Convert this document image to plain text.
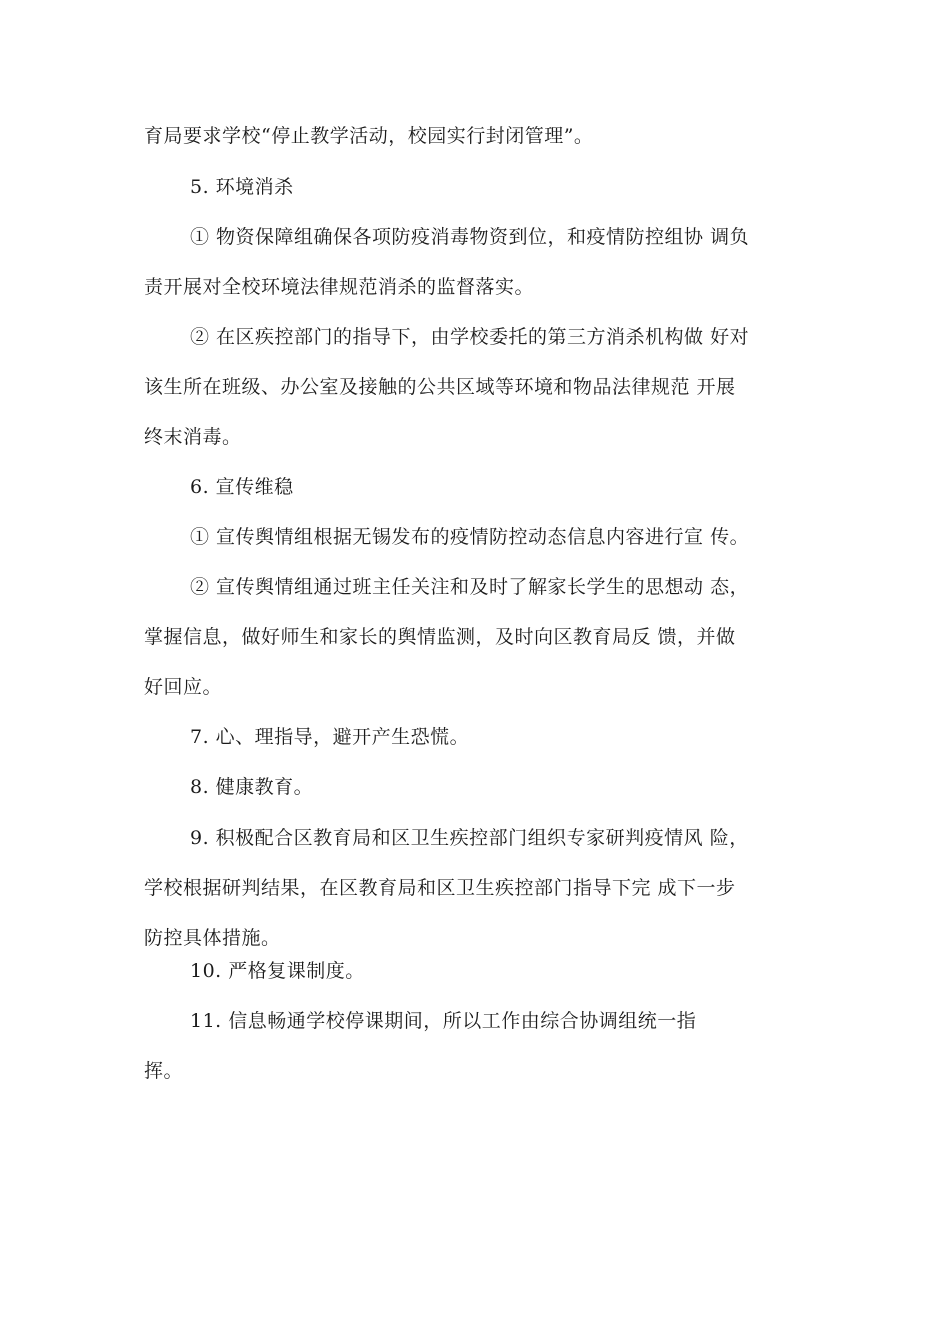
育局要求学校“停止教学活动，校园实行封闭管理”。
5. 环境消杀
① 物资保障组确保各项防疫消毒物资到位，和疫情防控组协 调负
责开展对全校环境法律规范消杀的监督落实。
② 在区疾控部门的指导下，由学校委托的第三方消杀机构做 好对
该生所在班级、办公室及接触的公共区域等环境和物品法律规范 开展
终末消毒。
6. 宣传维稳
① 宣传舆情组根据无锡发布的疫情防控动态信息内容进行宣 传。
② 宣传舆情组通过班主任关注和及时了解家长学生的思想动 态，
掌握信息，做好师生和家长的舆情监测，及时向区教育局反 馈，并做
好回应。
7. 心、理指导，避开产生恐慌。
8. 健康教育。
9. 积极配合区教育局和区卫生疾控部门组织专家研判疫情风 险，
学校根据研判结果，在区教育局和区卫生疾控部门指导下完 成下一步
防控具体措施。
10. 严格复课制度。
11. 信息畅通学校停课期间，所以工作由综合协调组统一指
挥。
